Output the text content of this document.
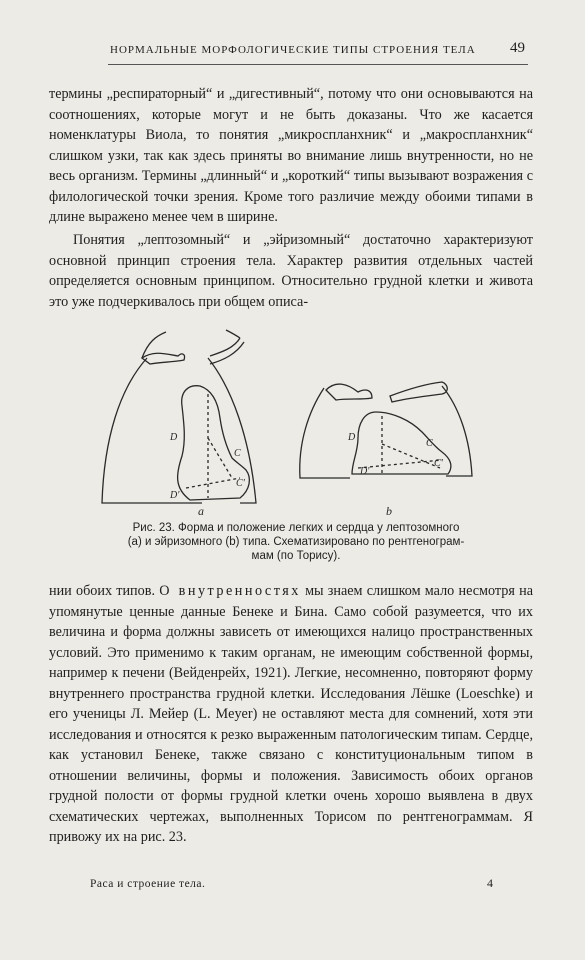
НОРМАЛЬНЫЕ МОРФОЛОГИЧЕСКИЕ ТИПЫ СТРОЕНИЯ ТЕЛА	49

термины „респираторный“ и „дигестивный“, потому что они основываются на соотношениях, которые могут и не быть доказаны. Что же касается номенклатуры Виола, то понятия „микроспланхник“ и „макроспланхник“ слишком узки, так как здесь приняты во внимание лишь внутренности, но не весь организм. Термины „длинный“ и „короткий“ типы вызывают возражения с филологической точки зрения. Кроме того различие между обоими типами в длине выражено менее чем в ширине.

Понятия „лептозомный“ и „эйризомный“ достаточно характеризуют основной принцип строения тела. Характер развития отдельных частей определяется основным принципом. Относительно грудной клетки и живота это уже подчеркивалось при общем описа-

D
C
D'
C'
a
D
C
C'
D'
b
Рис. 23. Форма и положение легких и сердца у лептозомного
(а) и эйризомного (b) типа. Схематизировано по рентгенограм-
мам (по Торису).

нии обоих типов. О внутренностях мы знаем слишком мало несмотря на упомянутые ценные данные Бенеке и Бина. Само собой разумеется, что их величина и форма должны зависеть от имеющихся налицо пространственных условий. Это применимо к таким органам, не имеющим собственной формы, например к печени (Вейденрейх, 1921). Легкие, несомненно, повторяют форму внутреннего пространства грудной клетки. Исследования Лёшке (Loeschke) и его ученицы Л. Мейер (L. Meyer) не оставляют места для сомнений, хотя эти исследования и относятся к резко выраженным патологическим типам. Сердце, как установил Бенеке, также связано с конституциональным типом в отношении величины, формы и положения. Зависимость обоих органов грудной полости от формы грудной клетки очень хорошо выявлена в двух схематических чертежах, выполненных Торисом по рентгенограммам. Я привожу их на рис. 23.

Раса и строение тела.	4
